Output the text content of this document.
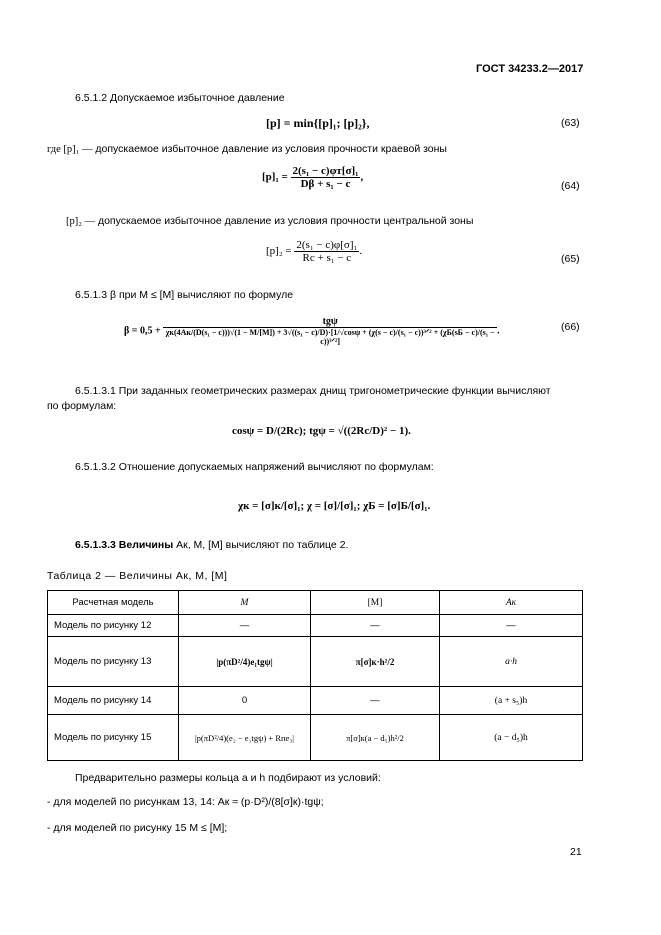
ГОСТ 34233.2—2017
6.5.1.2 Допускаемое избыточное давление
[p] = min{[p]₁; [p]₂},	(63)
где [p]₁ — допускаемое избыточное давление из условия прочности краевой зоны
$[p]_1 = \frac{\text{2(s₁ − c)φт[σ]₁}}{\text{Dβ + s₁ − c}}$ ,
(64)
[p]₂ — допускаемое избыточное давление из условия прочности центральной зоны
$[p]_2 = \frac{\text{2(s₁ − c)φ[σ]₁}}{\text{Rc + s₁ − c}}$ .
(65)
6.5.1.3 β при M ≤ [M] вычисляют по формуле
β = 0,5 +
tgψ
χк(4Aк/(D(s₁ − c)))√(1 − M/[M]) + 3√((s₁ − c)/D)·[1/√cosψ + (χ(s − c)/(s₁ − c))³ᐟ² + (χБ(sБ − c)/(s₁ − c))³ᐟ²]
.	(66)
6.5.1.3.1 При заданных геометрических размерах днищ тригонометрические функции вычисляют
по формулам:
cosψ = D/(2Rc); tgψ = √((2Rc/D)² − 1).
6.5.1.3.2 Отношение допускаемых напряжений вычисляют по формулам:
χк = [σ]к/[σ]₁; χ = [σ]/[σ]₁; χБ = [σ]Б/[σ]₁.
6.5.1.3.3 Величины Aк, M, [M] вычисляют по таблице 2.
Таблица 2 — Величины Aк, M, [M]
Расчетная модель	M	[M]	Aк
Модель по рисунку 12	—	—	—
Модель по рисунку 13	|p(πD²/4)e₁tgψ|	π[σ]к·h²/2	a·h
Модель по рисунку 14	0	—	(a + s₅)h
Модель по рисунку 15	|p(πD²/4)(e₂ − e₁tgψ) + Rпe₃|	π[σ]к(a − d₅)h²/2	(a − d₅)h
Предварительно размеры кольца a и h подбирают из условий:
- для моделей по рисункам 13, 14: Aк ≈ (p·D²)/(8[σ]к)·tgψ;
- для моделей по рисунку 15 M ≤ [M];
21
